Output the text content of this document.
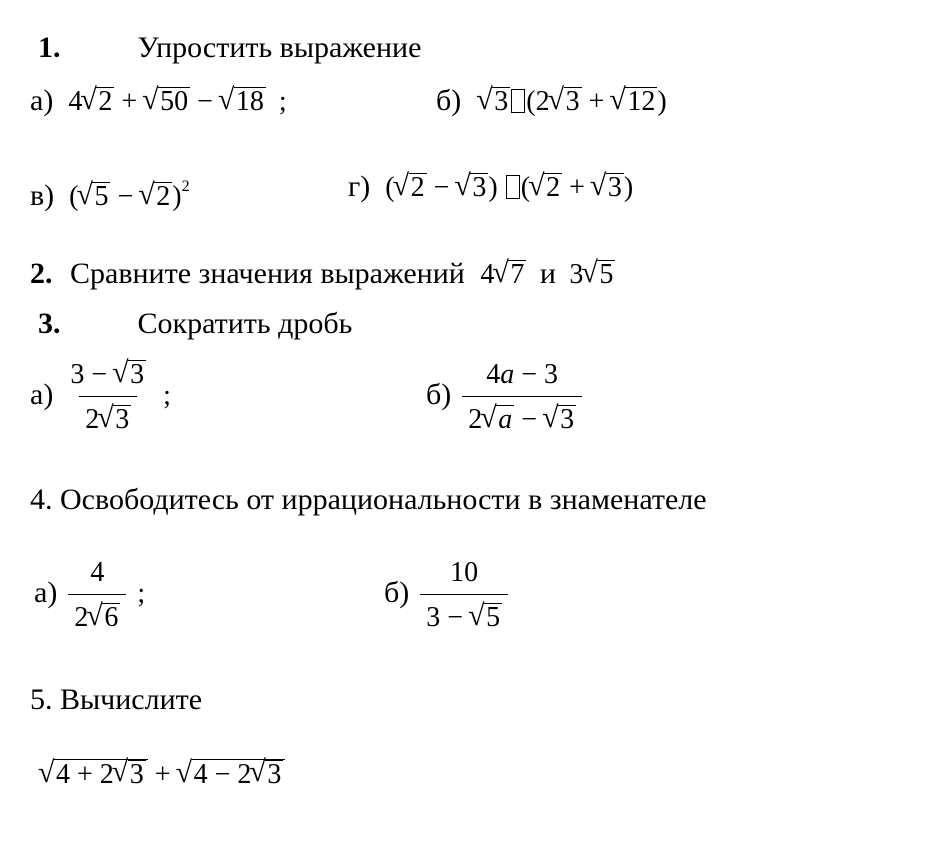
1.	Упростить выражение
а) 4 √ 2 + √ 50 − √ 18 ;	б) √ 3 (2 √ 3 + √ 12)
в) ( √ 5 − √ 2)$^2$	г) ( √ 2 − √ 3) ( √ 2 + √ 3)
2. Сравните значения выражений 4 √ 7 и 3 √ 5
3.	Сократить дробь
$а) \frac{3 - √ 3}{2 √ 3}$ ;	$б) \frac{4a - 3}{2 √ a - √ 3}$
4. Освободитесь от иррациональности в знаменателе
$а) \frac{4}{2 √ 6}$ ;	$б) \frac{10}{3 - √ 5}$
5. Вычислите
√ 4 + 2 √ 3 + √ 4 − 2 √ 3
